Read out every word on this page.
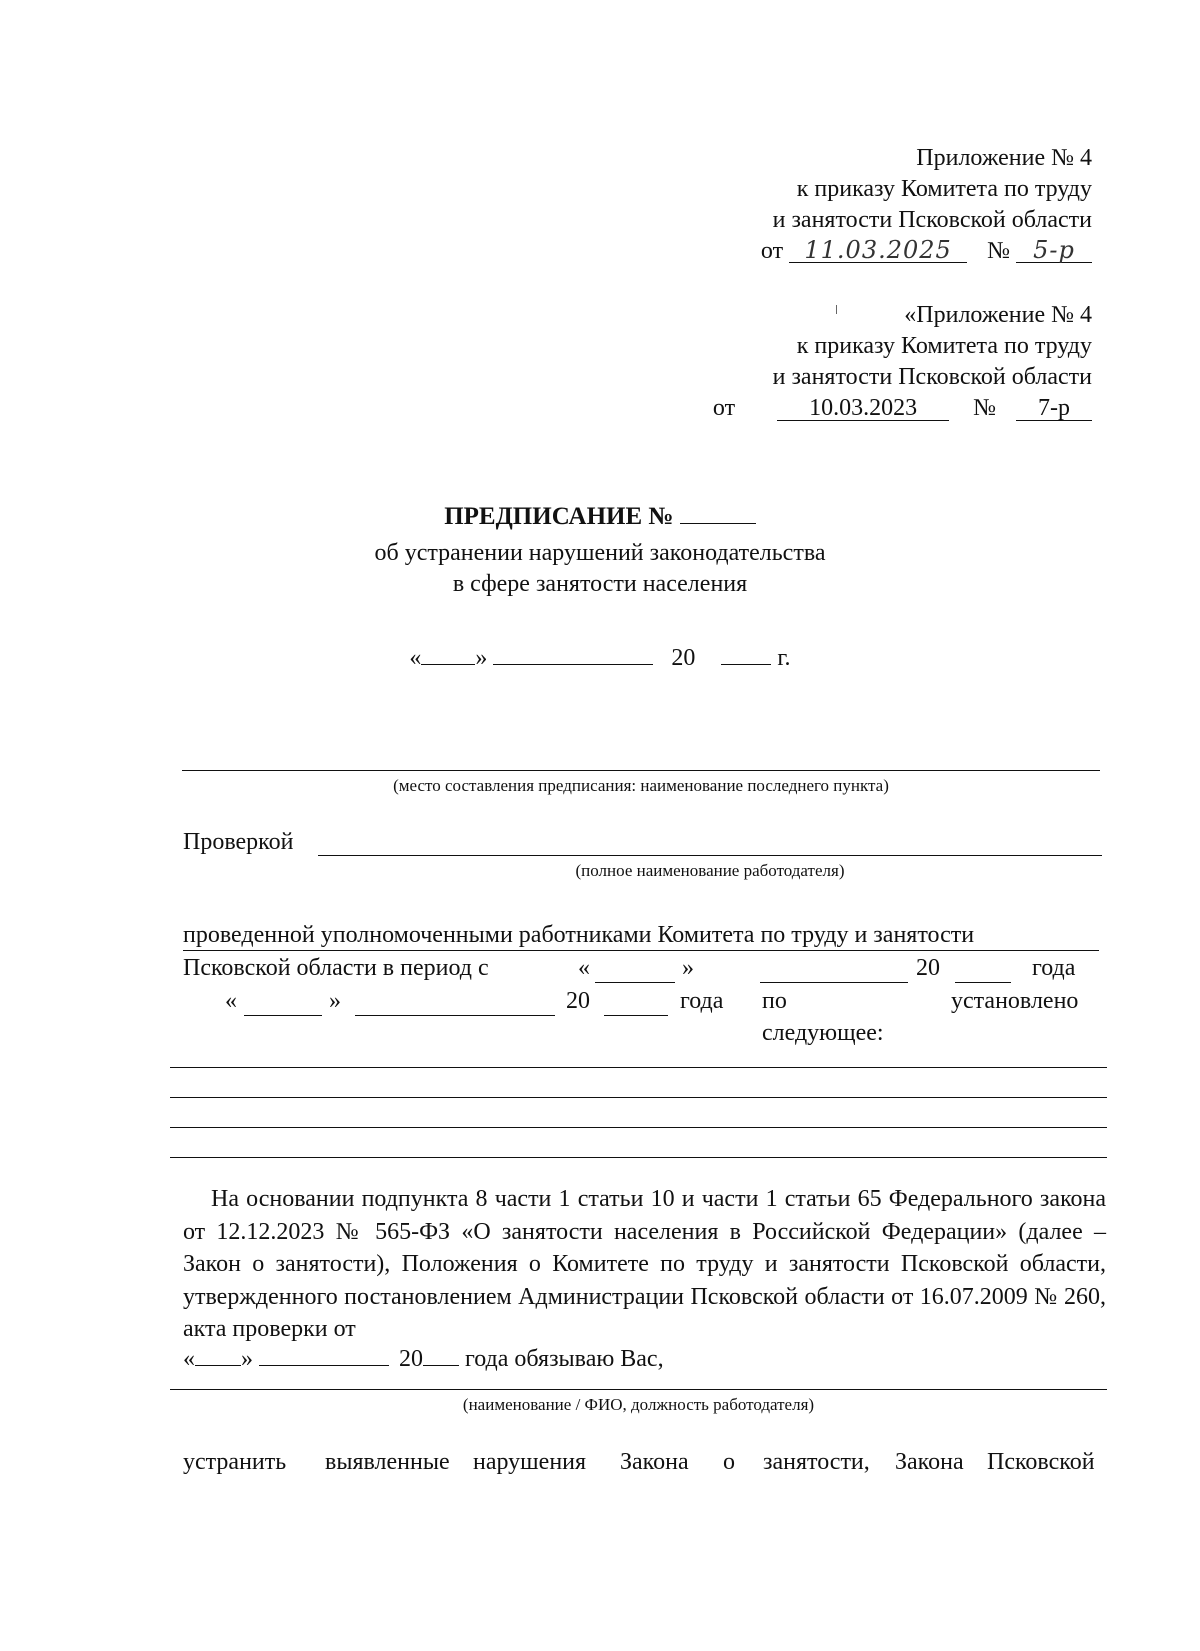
Приложение № 4
к приказу Комитета по труду
и занятости Псковской области
от 11.03.2025 № 5-р
«Приложение № 4
к приказу Комитета по труду
и занятости Псковской области
от	10.03.2023 № 7-р
ПРЕДПИСАНИЕ №
об устранении нарушений законодательства
в сфере занятости населения
« »	20	г.
(место составления предписания: наименование последнего пункта)
Проверкой
(полное наименование работодателя)
проведенной уполномоченными работниками Комитета по труду и занятости
Псковской области в период с	«	»	20	года
«	»	20	года по	установлено
следующее:
На основании подпункта 8 части 1 статьи 10 и части 1 статьи 65 Федерального закона от 12.12.2023 № 565-ФЗ «О занятости населения в Российской Федерации» (далее – Закон о занятости), Положения о Комитете по труду и занятости Псковской области, утвержденного постановлением Администрации Псковской области от 16.07.2009 № 260, акта проверки от
« »	20 года обязываю Вас,
(наименование / ФИО, должность работодателя)
устранить выявленные нарушения Закона о занятости, Закона Псковской
